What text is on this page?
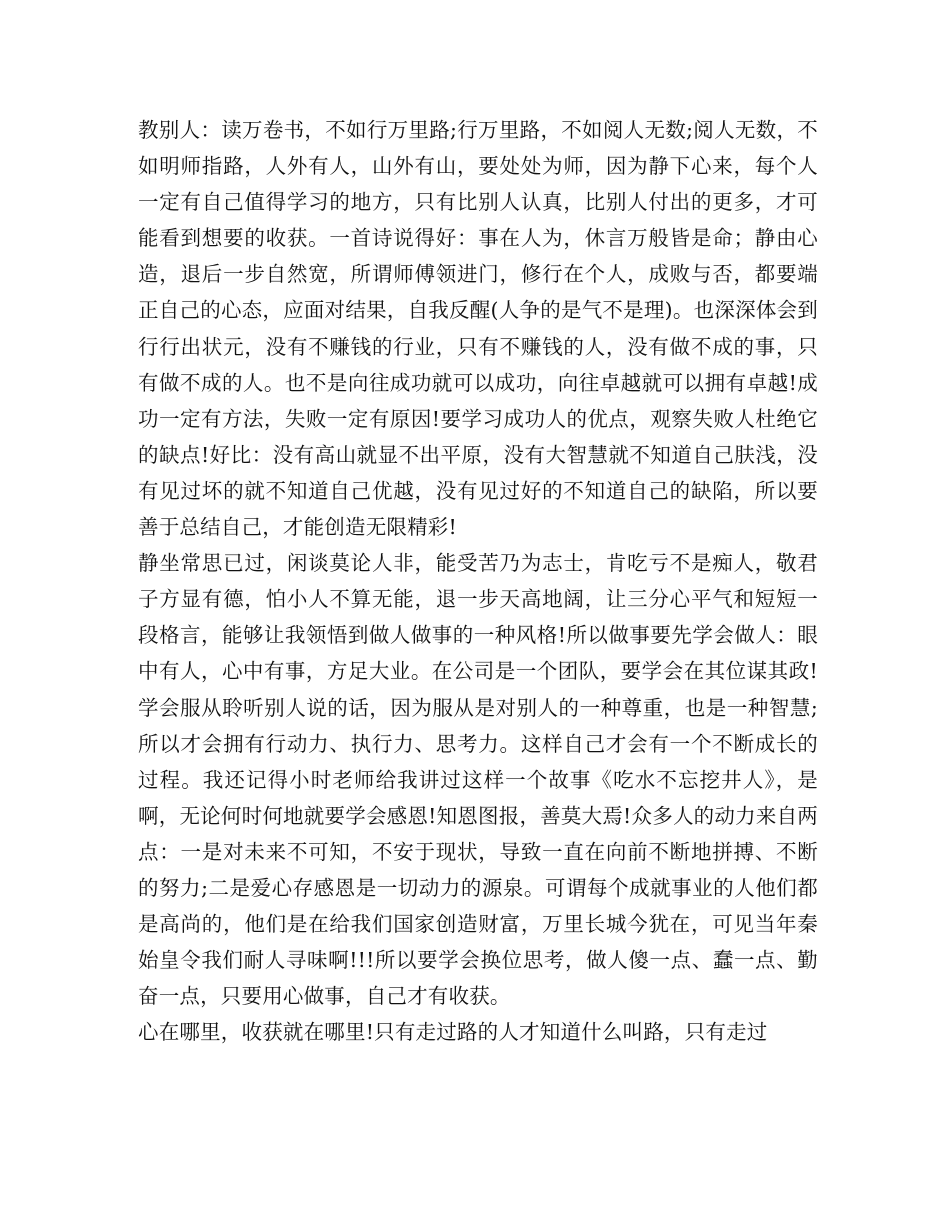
教别人：读万卷书，不如行万里路;行万里路，不如阅人无数;阅人无数，不如明师指路，人外有人，山外有山，要处处为师，因为静下心来，每个人一定有自己值得学习的地方，只有比别人认真，比别人付出的更多，才可能看到想要的收获。一首诗说得好：事在人为，休言万般皆是命；静由心造，退后一步自然宽，所谓师傅领进门，修行在个人，成败与否，都要端正自己的心态，应面对结果，自我反醒(人争的是气不是理)。也深深体会到行行出状元，没有不赚钱的行业，只有不赚钱的人，没有做不成的事，只有做不成的人。也不是向往成功就可以成功，向往卓越就可以拥有卓越!成功一定有方法，失败一定有原因!要学习成功人的优点，观察失败人杜绝它的缺点!好比：没有高山就显不出平原，没有大智慧就不知道自己肤浅，没有见过坏的就不知道自己优越，没有见过好的不知道自己的缺陷，所以要善于总结自己，才能创造无限精彩!

静坐常思已过，闲谈莫论人非，能受苦乃为志士，肯吃亏不是痴人，敬君子方显有德，怕小人不算无能，退一步天高地阔，让三分心平气和短短一段格言，能够让我领悟到做人做事的一种风格!所以做事要先学会做人：眼中有人，心中有事，方足大业。在公司是一个团队，要学会在其位谋其政!学会服从聆听别人说的话，因为服从是对别人的一种尊重，也是一种智慧;所以才会拥有行动力、执行力、思考力。这样自己才会有一个不断成长的过程。我还记得小时老师给我讲过这样一个故事《吃水不忘挖井人》，是啊，无论何时何地就要学会感恩!知恩图报，善莫大焉!众多人的动力来自两点：一是对未来不可知，不安于现状，导致一直在向前不断地拼搏、不断的努力;二是爱心存感恩是一切动力的源泉。可谓每个成就事业的人他们都是高尚的，他们是在给我们国家创造财富，万里长城今犹在，可见当年秦始皇令我们耐人寻味啊!!!所以要学会换位思考，做人傻一点、蠢一点、勤奋一点，只要用心做事，自己才有收获。

心在哪里，收获就在哪里!只有走过路的人才知道什么叫路，只有走过
